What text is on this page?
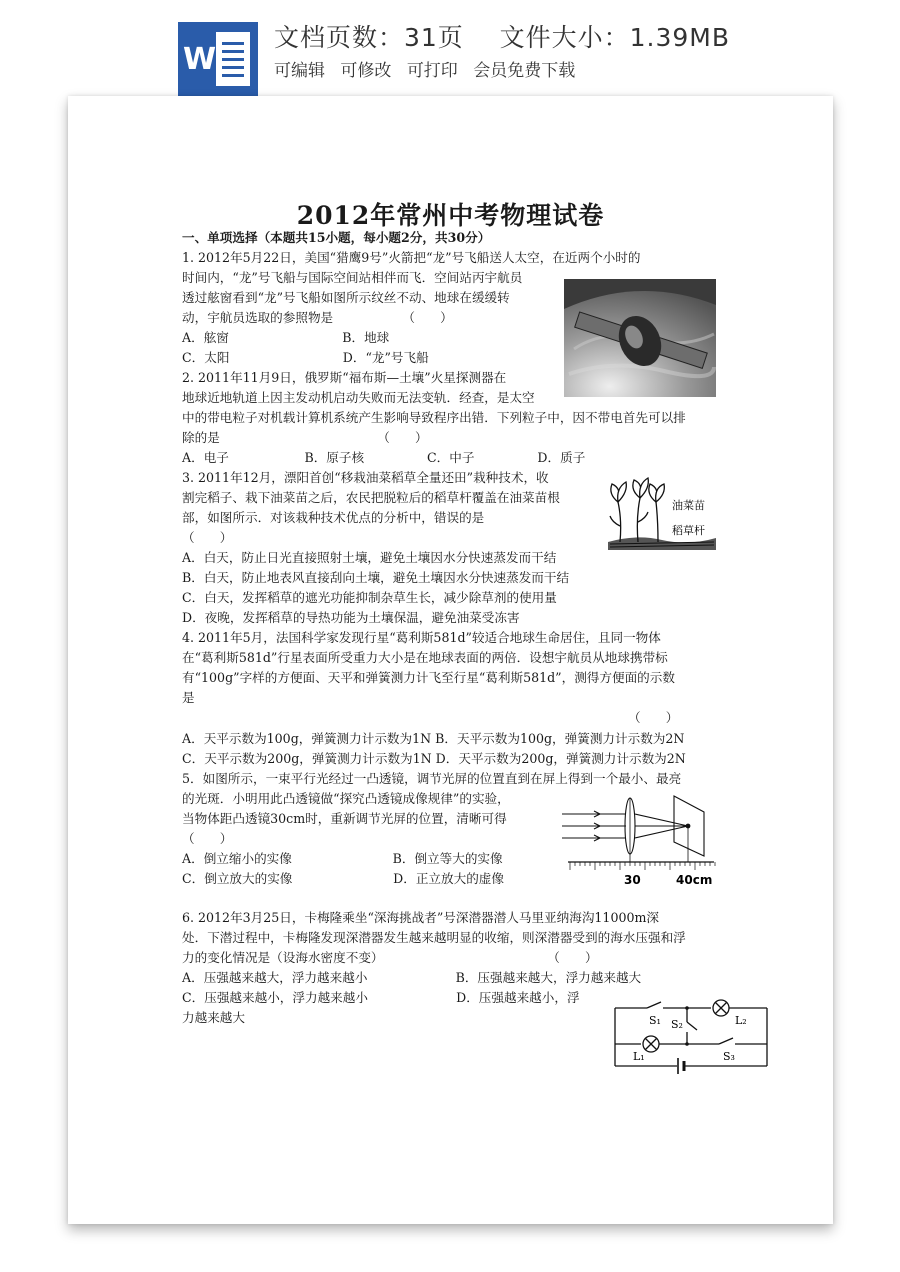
W
文档页数：31页 文件大小：1.39MB
可编辑 可修改 可打印 会员免费下载
2012年常州中考物理试卷
一、单项选择（本题共15小题，每小题2分，共30分）
1. 2012年5月22日，美国“猎鹰9号”火箭把“龙”号飞船送人太空，在近两个小时的
时间内，“龙”号飞船与国际空间站相伴而飞．空间站丙宇航员
透过舷窗看到“龙”号飞船如图所示纹丝不动、地球在缓缓转
动，宇航员选取的参照物是　　　　　　（　　）
A．舷窗　　　　　　　　　B．地球
C．太阳　　　　　　　　　D．“龙”号飞船
2. 2011年11月9日，俄罗斯“福布斯—土壤”火星探测器在
地球近地轨道上因主发动机启动失败而无法变轨．经查，是太空
中的带电粒子对机载计算机系统产生影响导致程序出错．下列粒子中，因不带电首先可以排
除的是　　　　　　　　　　　　　（　　）
A．电子　　　　　　B．原子核　　　　　C．中子　　　　　D．质子
3. 2011年12月，漂阳首创“移栽油菜稻草全量还田”栽种技术，收
割完稻子、栽下油菜苗之后，农民把脱粒后的稻草杆覆盖在油菜苗根
部，如图所示．对该栽种技术优点的分析中，错误的是
（　　）
A．白天，防止日光直接照射土壤，避免土壤因水分快速蒸发而干结
B．白天，防止地表风直接刮向土壤，避免土壤因水分快速蒸发而干结
C．白天，发挥稻草的遮光功能抑制杂草生长，减少除草剂的使用量
D．夜晚，发挥稻草的导热功能为土壤保温，避免油菜受冻害
4. 2011年5月，法国科学家发现行星“葛利斯581d”较适合地球生命居住，且同一物体
在“葛利斯581d”行星表面所受重力大小是在地球表面的两倍．设想宇航员从地球携带标
有“100g”字样的方便面、天平和弹簧测力计飞至行星“葛利斯581d”，测得方便面的示数
是
（　　）
A．天平示数为100g，弹簧测力计示数为1N B．天平示数为100g，弹簧测力计示数为2N
C．天平示数为200g，弹簧测力计示数为1N D．天平示数为200g，弹簧测力计示数为2N
5．如图所示，一束平行光经过一凸透镜，调节光屏的位置直到在屏上得到一个最小、最亮
的光斑．小明用此凸透镜做“探究凸透镜成像规律”的实验，
当物体距凸透镜30cm时，重新调节光屏的位置，清晰可得
（　　）
A．倒立缩小的实像　　　　　　　　B．倒立等大的实像
C．倒立放大的实像　　　　　　　　D．正立放大的虚像
6. 2012年3月25日，卡梅隆乘坐“深海挑战者”号深潜器潜人马里亚纳海沟11000m深
处．下潜过程中，卡梅隆发现深潜器发生越来越明显的收缩，则深潜器受到的海水压强和浮
力的变化情况是（设海水密度不变）　　　　　　　　　　　　　　（　　）
A．压强越来越大，浮力越来越小　　　　　　　B．压强越来越大，浮力越来越大
C．压强越来越小，浮力越来越小　　　　　　　D．压强越来越小，浮
力越来越大
油菜苗
稻草杆
30	40cm
S₁ S₂	L₂
L₁	S₃
